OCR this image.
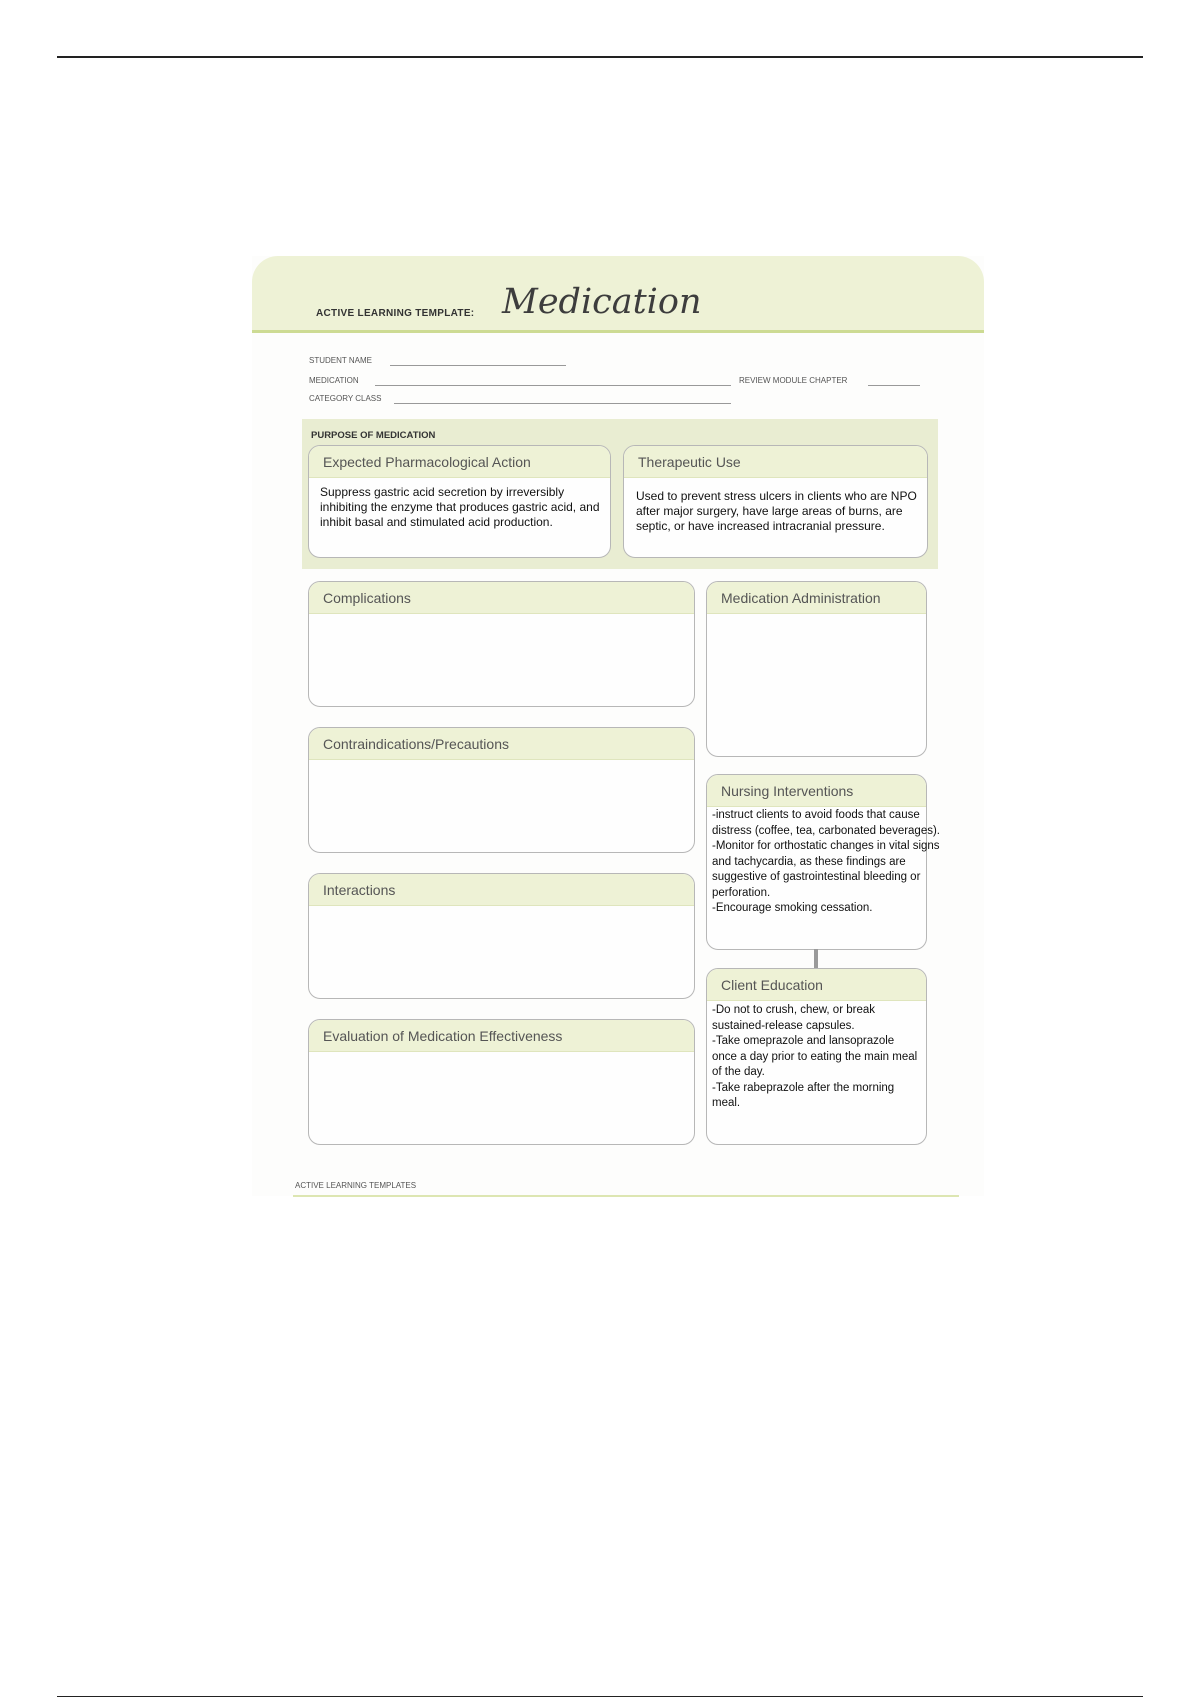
ACTIVE LEARNING TEMPLATE: Medication
STUDENT NAME
MEDICATION	REVIEW MODULE CHAPTER
CATEGORY CLASS
PURPOSE OF MEDICATION
Expected Pharmacological Action
Suppress gastric acid secretion by irreversibly inhibiting the enzyme that produces gastric acid, and inhibit basal and stimulated acid production.
Therapeutic Use
Used to prevent stress ulcers in clients who are NPO after major surgery, have large areas of burns, are septic, or have increased intracranial pressure.
Complications
Contraindications/Precautions
Interactions
Evaluation of Medication Effectiveness
Medication Administration
Nursing Interventions
-instruct clients to avoid foods that cause distress (coffee, tea, carbonated beverages).
-Monitor for orthostatic changes in vital signs and tachycardia, as these findings are suggestive of gastrointestinal bleeding or perforation.
-Encourage smoking cessation.
Client Education
-Do not to crush, chew, or break sustained-release capsules.
-Take omeprazole and lansoprazole once a day prior to eating the main meal of the day.
-Take rabeprazole after the morning meal.
ACTIVE LEARNING TEMPLATES
